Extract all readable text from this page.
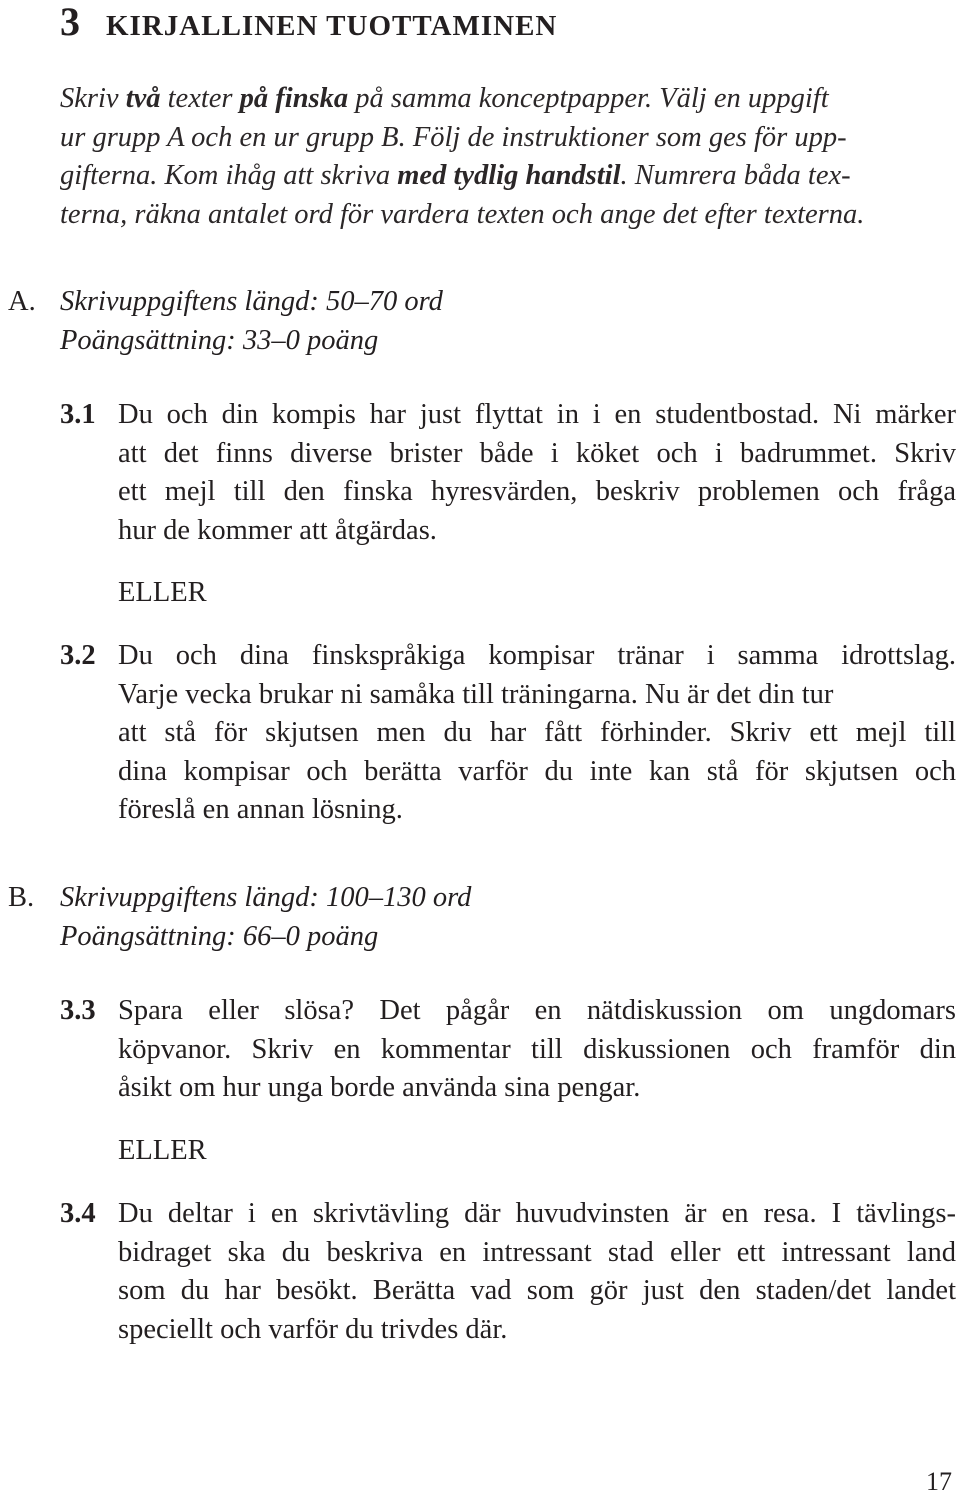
3 KIRJALLINEN TUOTTAMINEN
Skriv två texter på finska på samma konceptpapper. Välj en uppgift
ur grupp A och en ur grupp B. Följ de instruktioner som ges för upp-
gifterna. Kom ihåg att skriva med tydlig handstil. Numrera båda tex-
terna, räkna antalet ord för vardera texten och ange det efter texterna.
A. Skrivuppgiftens längd: 50–70 ord
Poängsättning: 33–0 poäng
3.1 Du och din kompis har just flyttat in i en studentbostad. Ni märker
att det finns diverse brister både i köket och i badrummet. Skriv
ett mejl till den finska hyresvärden, beskriv problemen och fråga
hur de kommer att åtgärdas.
ELLER
3.2 Du och dina finskspråkiga kompisar tränar i samma idrottslag.
Varje vecka brukar ni samåka till träningarna. Nu är det din tur
att stå för skjutsen men du har fått förhinder. Skriv ett mejl till
dina kompisar och berätta varför du inte kan stå för skjutsen och
föreslå en annan lösning.
B. Skrivuppgiftens längd: 100–130 ord
Poängsättning: 66–0 poäng
3.3 Spara eller slösa? Det pågår en nätdiskussion om ungdomars
köpvanor. Skriv en kommentar till diskussionen och framför din
åsikt om hur unga borde använda sina pengar.
ELLER
3.4 Du deltar i en skrivtävling där huvudvinsten är en resa. I tävlings-
bidraget ska du beskriva en intressant stad eller ett intressant land
som du har besökt. Berätta vad som gör just den staden/det landet
speciellt och varför du trivdes där.
17
